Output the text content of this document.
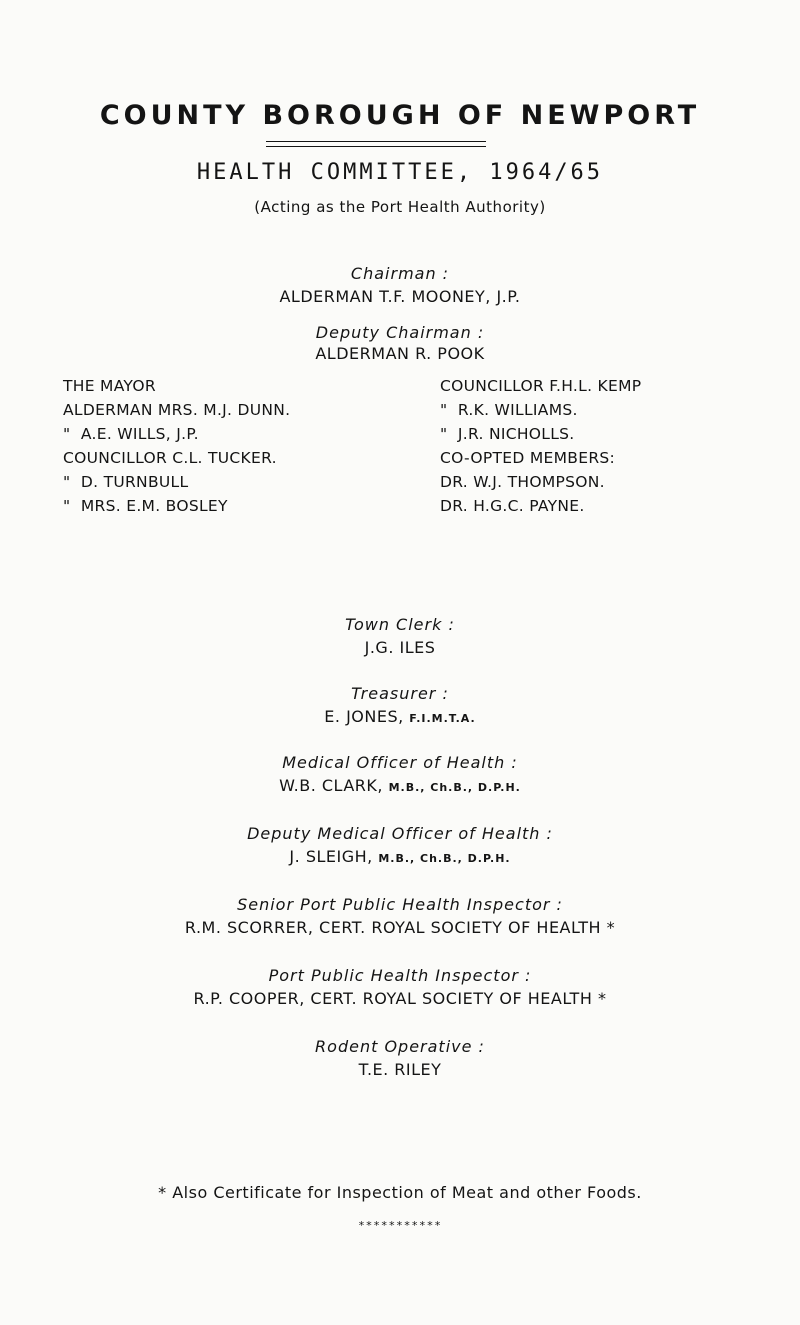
COUNTY BOROUGH OF NEWPORT
HEALTH COMMITTEE, 1964/65
(Acting as the Port Health Authority)
Chairman :
ALDERMAN T.F. MOONEY, J.P.
Deputy Chairman :
ALDERMAN R. POOK
THE MAYOR
ALDERMAN MRS. M.J. DUNN.
"  A.E. WILLS, J.P.
COUNCILLOR C.L. TUCKER.
"  D. TURNBULL
"  MRS. E.M. BOSLEY
COUNCILLOR F.H.L. KEMP
"  R.K. WILLIAMS.
"  J.R. NICHOLLS.
CO-OPTED MEMBERS:
DR. W.J. THOMPSON.
DR. H.G.C. PAYNE.
Town Clerk :
J.G. ILES
Treasurer :
E. JONES, F.I.M.T.A.
Medical Officer of Health :
W.B. CLARK, M.B., Ch.B., D.P.H.
Deputy Medical Officer of Health :
J. SLEIGH, M.B., Ch.B., D.P.H.
Senior Port Public Health Inspector :
R.M. SCORRER, CERT. ROYAL SOCIETY OF HEALTH *
Port Public Health Inspector :
R.P. COOPER, CERT. ROYAL SOCIETY OF HEALTH *
Rodent Operative :
T.E. RILEY
* Also Certificate for Inspection of Meat and other Foods.
***********
